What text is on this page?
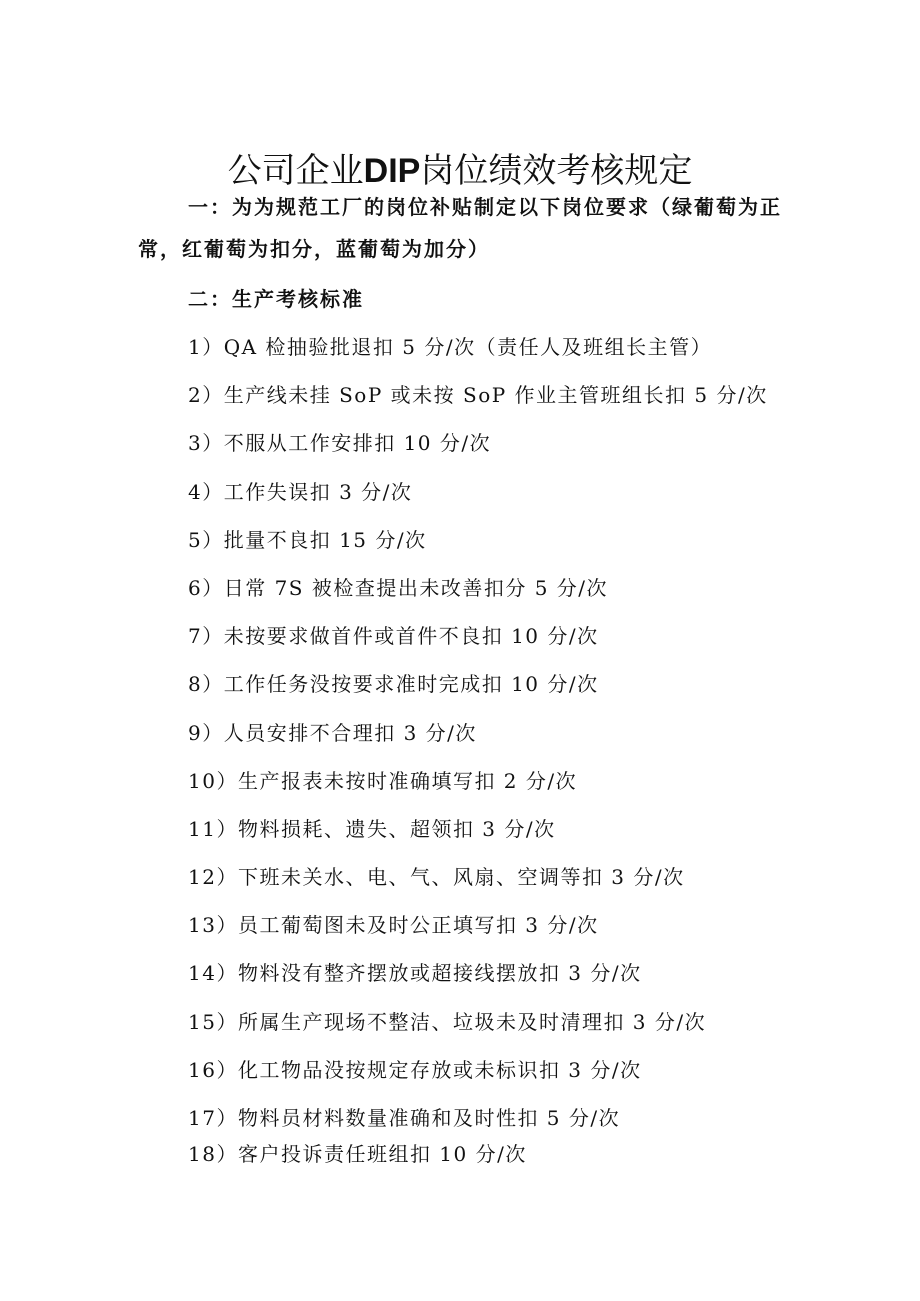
公司企业DIP岗位绩效考核规定

一：为为规范工厂的岗位补贴制定以下岗位要求（绿葡萄为正常，红葡萄为扣分，蓝葡萄为加分）

二：生产考核标准

1）QA 检抽验批退扣 5 分/次（责任人及班组长主管）
2）生产线未挂 SoP 或未按 SoP 作业主管班组长扣 5 分/次
3）不服从工作安排扣 10 分/次
4）工作失误扣 3 分/次
5）批量不良扣 15 分/次
6）日常 7S 被检查提出未改善扣分 5 分/次
7）未按要求做首件或首件不良扣 10 分/次
8）工作任务没按要求准时完成扣 10 分/次
9）人员安排不合理扣 3 分/次
10）生产报表未按时准确填写扣 2 分/次
11）物料损耗、遗失、超领扣 3 分/次
12）下班未关水、电、气、风扇、空调等扣 3 分/次
13）员工葡萄图未及时公正填写扣 3 分/次
14）物料没有整齐摆放或超接线摆放扣 3 分/次
15）所属生产现场不整洁、垃圾未及时清理扣 3 分/次
16）化工物品没按规定存放或未标识扣 3 分/次
17）物料员材料数量准确和及时性扣 5 分/次
18）客户投诉责任班组扣 10 分/次
